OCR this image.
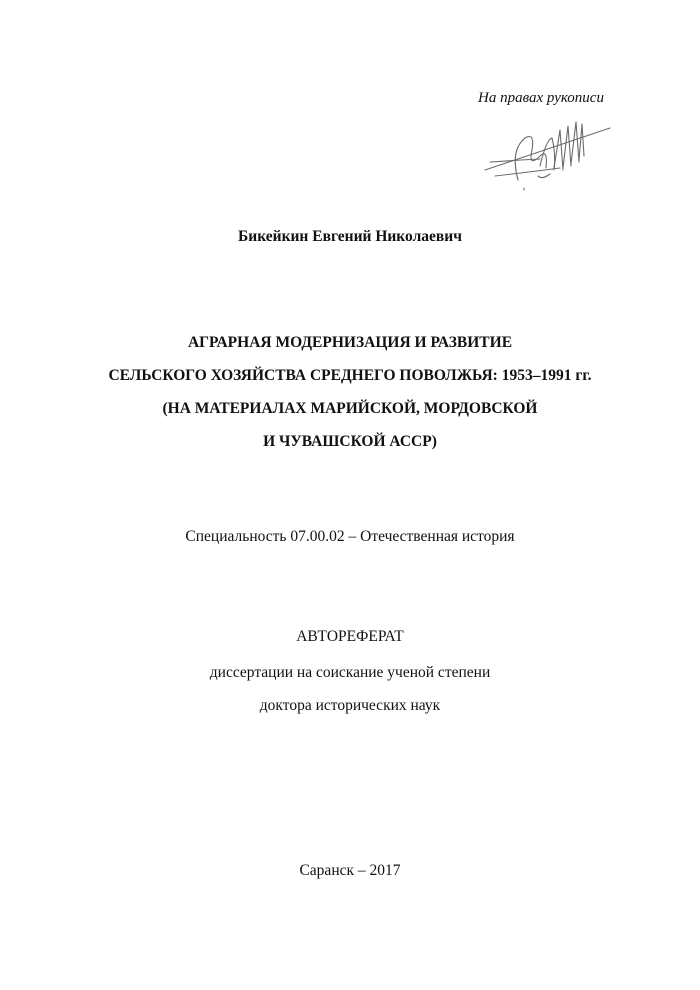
На правах рукописи
Бикейкин Евгений Николаевич
АГРАРНАЯ МОДЕРНИЗАЦИЯ И РАЗВИТИЕ
СЕЛЬСКОГО ХОЗЯЙСТВА СРЕДНЕГО ПОВОЛЖЬЯ: 1953–1991 гг.
(НА МАТЕРИАЛАХ МАРИЙСКОЙ, МОРДОВСКОЙ
И ЧУВАШСКОЙ АССР)
Специальность 07.00.02 – Отечественная история
АВТОРЕФЕРАТ
диссертации на соискание ученой степени
доктора исторических наук
Саранск – 2017
